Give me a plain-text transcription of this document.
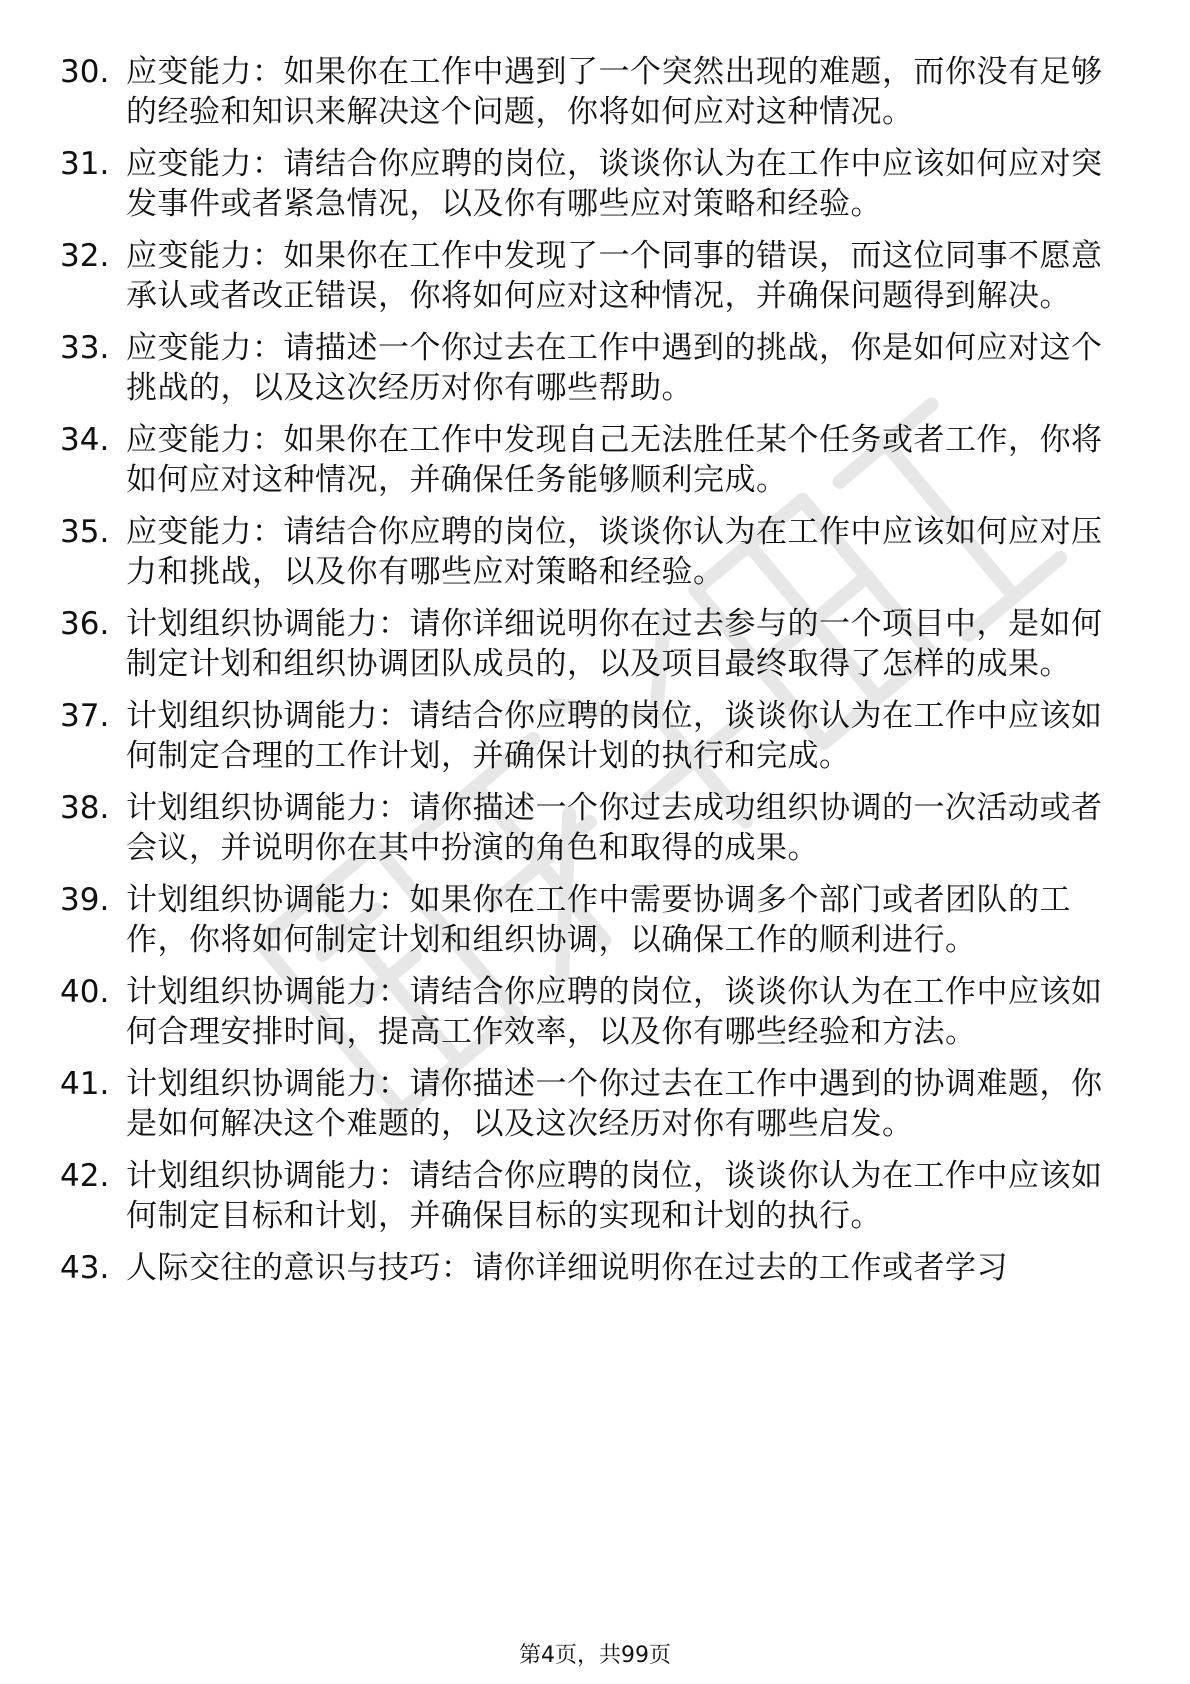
30. 应变能力：如果你在工作中遇到了一个突然出现的难题，而你没有足够的经验和知识来解决这个问题，你将如何应对这种情况。
31. 应变能力：请结合你应聘的岗位，谈谈你认为在工作中应该如何应对突发事件或者紧急情况，以及你有哪些应对策略和经验。
32. 应变能力：如果你在工作中发现了一个同事的错误，而这位同事不愿意承认或者改正错误，你将如何应对这种情况，并确保问题得到解决。
33. 应变能力：请描述一个你过去在工作中遇到的挑战，你是如何应对这个挑战的，以及这次经历对你有哪些帮助。
34. 应变能力：如果你在工作中发现自己无法胜任某个任务或者工作，你将如何应对这种情况，并确保任务能够顺利完成。
35. 应变能力：请结合你应聘的岗位，谈谈你认为在工作中应该如何应对压力和挑战，以及你有哪些应对策略和经验。
36. 计划组织协调能力：请你详细说明你在过去参与的一个项目中，是如何制定计划和组织协调团队成员的，以及项目最终取得了怎样的成果。
37. 计划组织协调能力：请结合你应聘的岗位，谈谈你认为在工作中应该如何制定合理的工作计划，并确保计划的执行和完成。
38. 计划组织协调能力：请你描述一个你过去成功组织协调的一次活动或者会议，并说明你在其中扮演的角色和取得的成果。
39. 计划组织协调能力：如果你在工作中需要协调多个部门或者团队的工作，你将如何制定计划和组织协调，以确保工作的顺利进行。
40. 计划组织协调能力：请结合你应聘的岗位，谈谈你认为在工作中应该如何合理安排时间，提高工作效率，以及你有哪些经验和方法。
41. 计划组织协调能力：请你描述一个你过去在工作中遇到的协调难题，你是如何解决这个难题的，以及这次经历对你有哪些启发。
42. 计划组织协调能力：请结合你应聘的岗位，谈谈你认为在工作中应该如何制定目标和计划，并确保目标的实现和计划的执行。
43. 人际交往的意识与技巧：请你详细说明你在过去的工作或者学习
第4页，共99页
